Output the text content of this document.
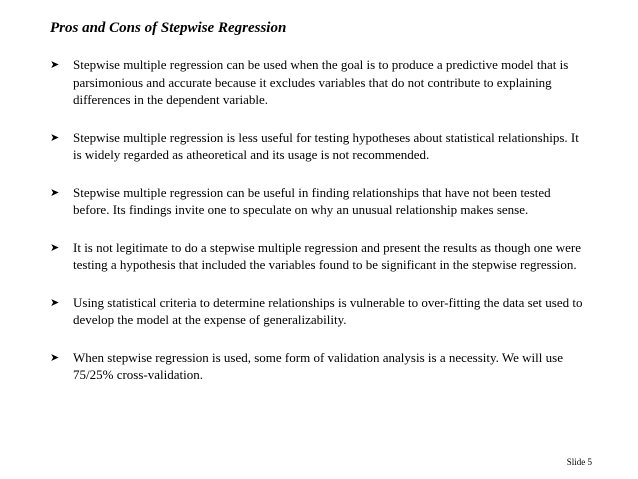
Pros and Cons of Stepwise Regression
➤ Stepwise multiple regression can be used when the goal is to produce a predictive model that is parsimonious and accurate because it excludes variables that do not contribute to explaining differences in the dependent variable.
➤ Stepwise multiple regression is less useful for testing hypotheses about statistical relationships. It is widely regarded as atheoretical and its usage is not recommended.
➤ Stepwise multiple regression can be useful in finding relationships that have not been tested before. Its findings invite one to speculate on why an unusual relationship makes sense.
➤ It is not legitimate to do a stepwise multiple regression and present the results as though one were testing a hypothesis that included the variables found to be significant in the stepwise regression.
➤ Using statistical criteria to determine relationships is vulnerable to over-fitting the data set used to develop the model at the expense of generalizability.
➤ When stepwise regression is used, some form of validation analysis is a necessity. We will use 75/25% cross-validation.
Slide 5
